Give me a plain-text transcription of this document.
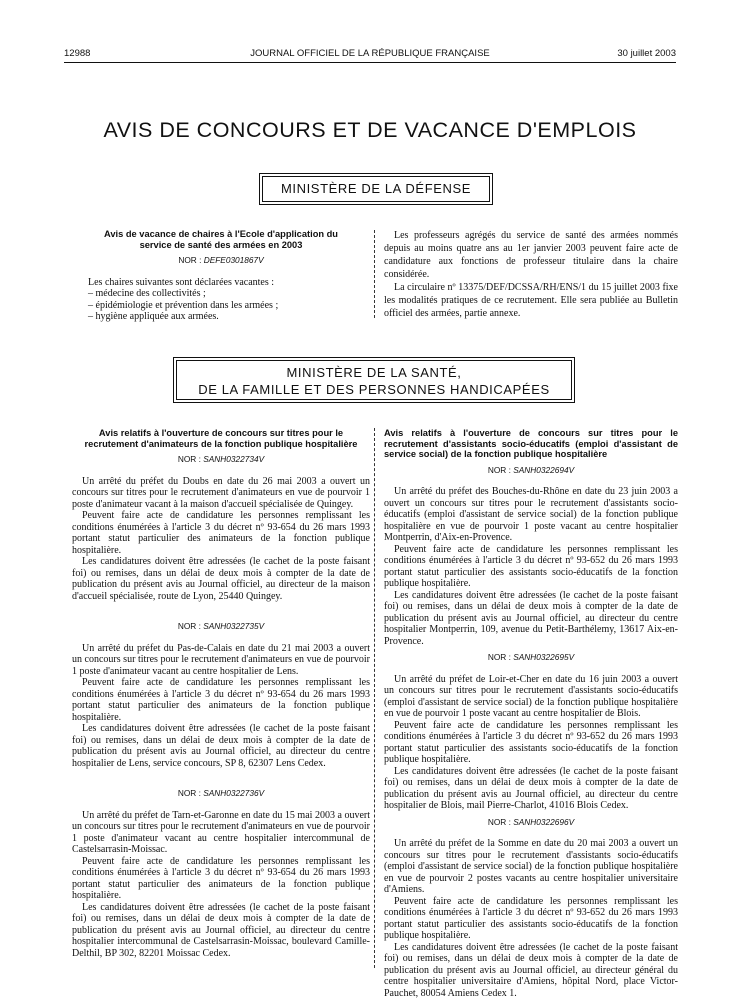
12988	JOURNAL OFFICIEL DE LA RÉPUBLIQUE FRANÇAISE	30 juillet 2003
AVIS DE CONCOURS ET DE VACANCE D'EMPLOIS
MINISTÈRE DE LA DÉFENSE

Avis de vacance de chaires à l'Ecole d'application du service de santé des armées en 2003

NOR : DEFE0301867V

Les chaires suivantes sont déclarées vacantes :

– médecine des collectivités ;

– épidémiologie et prévention dans les armées ;

– hygiène appliquée aux armées.

Les professeurs agrégés du service de santé des armées nommés depuis au moins quatre ans au 1er janvier 2003 peuvent faire acte de candidature aux fonctions de professeur titulaire dans la chaire considérée.

La circulaire nº 13375/DEF/DCSSA/RH/ENS/1 du 15 juillet 2003 fixe les modalités pratiques de ce recrutement. Elle sera publiée au Bulletin officiel des armées, partie annexe.

MINISTÈRE DE LA SANTÉ,
DE LA FAMILLE ET DES PERSONNES HANDICAPÉES

Avis relatifs à l'ouverture de concours sur titres pour le recrutement d'animateurs de la fonction publique hospitalière

NOR : SANH0322734V

Un arrêté du préfet du Doubs en date du 26 mai 2003 a ouvert un concours sur titres pour le recrutement d'animateurs en vue de pourvoir 1 poste d'animateur vacant à la maison d'accueil spécialisée de Quingey.

Peuvent faire acte de candidature les personnes remplissant les conditions énumérées à l'article 3 du décret nº 93-654 du 26 mars 1993 portant statut particulier des animateurs de la fonction publique hospitalière.

Les candidatures doivent être adressées (le cachet de la poste faisant foi) ou remises, dans un délai de deux mois à compter de la date de publication du présent avis au Journal officiel, au directeur de la maison d'accueil spécialisée, route de Lyon, 25440 Quingey.

NOR : SANH0322735V

Un arrêté du préfet du Pas-de-Calais en date du 21 mai 2003 a ouvert un concours sur titres pour le recrutement d'animateurs en vue de pourvoir 1 poste d'animateur vacant au centre hospitalier de Lens.

Peuvent faire acte de candidature les personnes remplissant les conditions énumérées à l'article 3 du décret nº 93-654 du 26 mars 1993 portant statut particulier des animateurs de la fonction publique hospitalière.

Les candidatures doivent être adressées (le cachet de la poste faisant foi) ou remises, dans un délai de deux mois à compter de la date de publication du présent avis au Journal officiel, au directeur du centre hospitalier de Lens, service concours, SP 8, 62307 Lens Cedex.

NOR : SANH0322736V

Un arrêté du préfet de Tarn-et-Garonne en date du 15 mai 2003 a ouvert un concours sur titres pour le recrutement d'animateurs en vue de pourvoir 1 poste d'animateur vacant au centre hospitalier intercommunal de Castelsarrasin-Moissac.

Peuvent faire acte de candidature les personnes remplissant les conditions énumérées à l'article 3 du décret nº 93-654 du 26 mars 1993 portant statut particulier des animateurs de la fonction publique hospitalière.

Les candidatures doivent être adressées (le cachet de la poste faisant foi) ou remises, dans un délai de deux mois à compter de la date de publication du présent avis au Journal officiel, au directeur du centre hospitalier intercommunal de Castelsarrasin-Moissac, boulevard Camille-Delthil, BP 302, 82201 Moissac Cedex.

Avis relatifs à l'ouverture de concours sur titres pour le recrutement d'assistants socio-éducatifs (emploi d'assistant de service social) de la fonction publique hospitalière

NOR : SANH0322694V

Un arrêté du préfet des Bouches-du-Rhône en date du 23 juin 2003 a ouvert un concours sur titres pour le recrutement d'assistants socio-éducatifs (emploi d'assistant de service social) de la fonction publique hospitalière en vue de pourvoir 1 poste vacant au centre hospitalier Montperrin, d'Aix-en-Provence.

Peuvent faire acte de candidature les personnes remplissant les conditions énumérées à l'article 3 du décret nº 93-652 du 26 mars 1993 portant statut particulier des assistants socio-éducatifs de la fonction publique hospitalière.

Les candidatures doivent être adressées (le cachet de la poste faisant foi) ou remises, dans un délai de deux mois à compter de la date de publication du présent avis au Journal officiel, au directeur du centre hospitalier Montperrin, 109, avenue du Petit-Barthélemy, 13617 Aix-en-Provence.

NOR : SANH0322695V

Un arrêté du préfet de Loir-et-Cher en date du 16 juin 2003 a ouvert un concours sur titres pour le recrutement d'assistants socio-éducatifs (emploi d'assistant de service social) de la fonction publique hospitalière en vue de pourvoir 1 poste vacant au centre hospitalier de Blois.

Peuvent faire acte de candidature les personnes remplissant les conditions énumérées à l'article 3 du décret nº 93-652 du 26 mars 1993 portant statut particulier des assistants socio-éducatifs de la fonction publique hospitalière.

Les candidatures doivent être adressées (le cachet de la poste faisant foi) ou remises, dans un délai de deux mois à compter de la date de publication du présent avis au Journal officiel, au directeur du centre hospitalier de Blois, mail Pierre-Charlot, 41016 Blois Cedex.

NOR : SANH0322696V

Un arrêté du préfet de la Somme en date du 20 mai 2003 a ouvert un concours sur titres pour le recrutement d'assistants socio-éducatifs (emploi d'assistant de service social) de la fonction publique hospitalière en vue de pourvoir 2 postes vacants au centre hospitalier universitaire d'Amiens.

Peuvent faire acte de candidature les personnes remplissant les conditions énumérées à l'article 3 du décret nº 93-652 du 26 mars 1993 portant statut particulier des assistants socio-éducatifs de la fonction publique hospitalière.

Les candidatures doivent être adressées (le cachet de la poste faisant foi) ou remises, dans un délai de deux mois à compter de la date de publication du présent avis au Journal officiel, au directeur général du centre hospitalier universitaire d'Amiens, hôpital Nord, place Victor-Pauchet, 80054 Amiens Cedex 1.
